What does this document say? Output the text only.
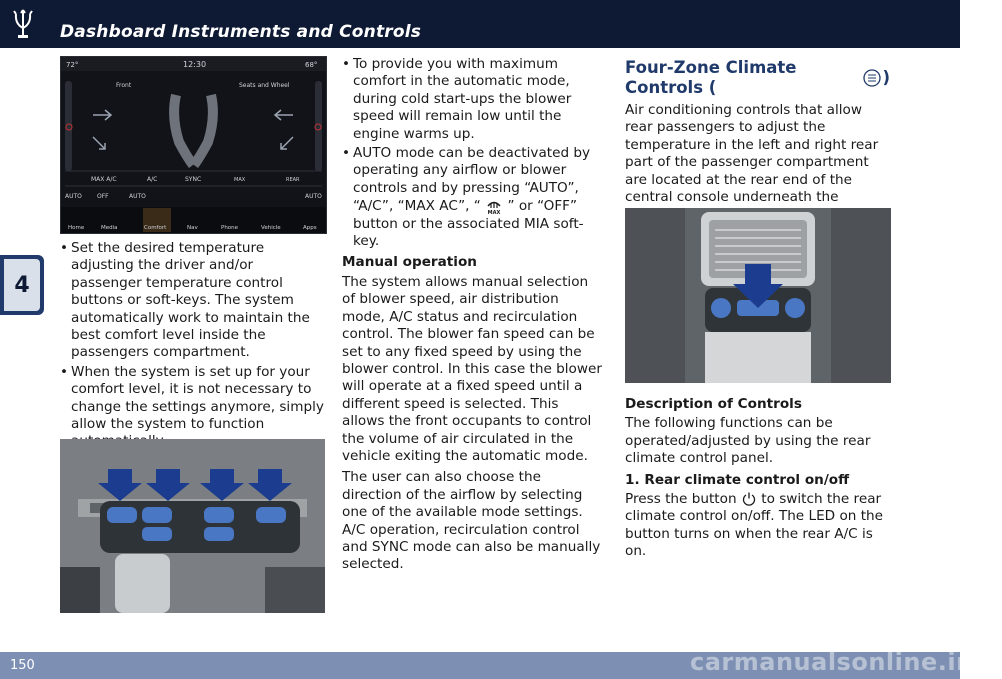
Dashboard Instruments and Controls
4
72°	12:30	68°
Front	Seats and Wheel
MAX A/C	A/C	SYNC	MAX	REAR
AUTO	OFF	AUTO	AUTO
Home	Media	Comfort	Nav	Phone	Vehicle	Apps
• Set the desired temperature adjusting the driver and/or passenger temperature control buttons or soft-keys. The system automatically work to maintain the best comfort level inside the passengers compartment.
• When the system is set up for your comfort level, it is not necessary to change the settings anymore, simply allow the system to function
• To provide you with maximum comfort in the automatic mode, during cold start-ups the blower speed will remain low until the engine warms up.
• AUTO mode can be deactivated by operating any airflow or blower controls and by pressing “AUTO”, “A/C”, “MAX AC”, “ MAX ” or “OFF” button or the associated MIA soft-key.
Manual operation

The system allows manual selection of blower speed, air distribution mode, A/C status and recirculation control. The blower fan speed can be set to any fixed speed by using the blower control. In this case the blower will operate at a fixed speed until a different speed is selected. This allows the front occupants to control the volume of air circulated in the vehicle exiting the automatic mode.

The user can also choose the direction of the airflow by selecting one of the available mode settings. A/C operation, recirculation control and SYNC mode can also be manually selected.

Four-Zone Climate Controls (
)

Air conditioning controls that allow rear passengers to adjust the temperature in the left and right rear part of the passenger compartment are located at the rear end of the central console underneath the

Description of Controls

The following functions can be operated/adjusted by using the rear climate control panel.

1. Rear climate control on/off

Press the button to switch the rear climate control on/off. The LED on the button turns on when the rear A/C is on.

150	carmanualsonline.info
